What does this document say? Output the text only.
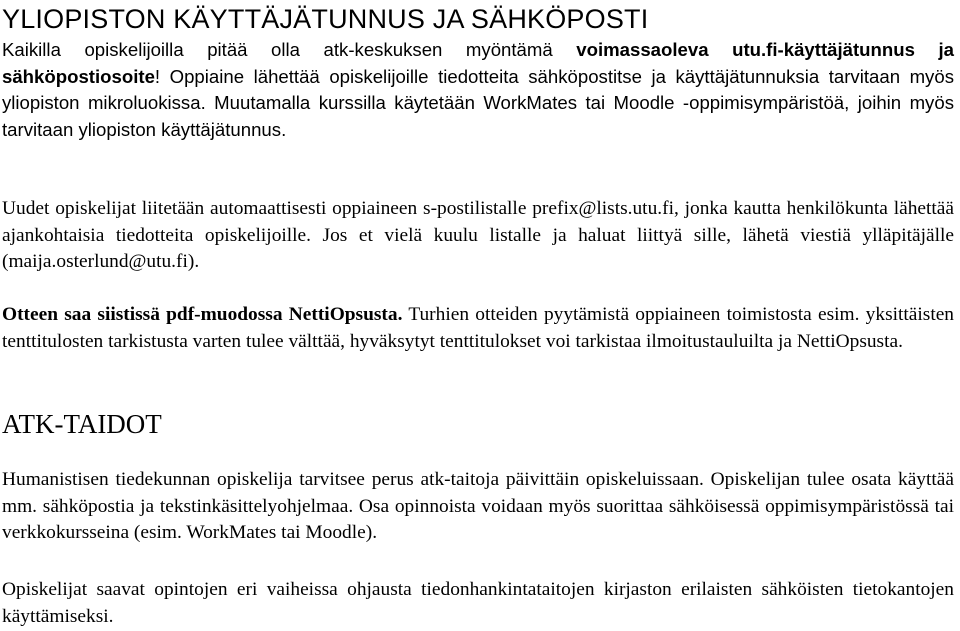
YLIOPISTON KÄYTTÄJÄTUNNUS JA SÄHKÖPOSTI

Kaikilla opiskelijoilla pitää olla atk-keskuksen myöntämä voimassaoleva utu.fi-käyttäjätunnus ja sähköpostiosoite! Oppiaine lähettää opiskelijoille tiedotteita sähköpostitse ja käyttäjätunnuksia tarvitaan myös yliopiston mikroluokissa. Muutamalla kurssilla käytetään WorkMates tai Moodle -oppimisympäristöä, joihin myös tarvitaan yliopiston käyttäjätunnus.

Uudet opiskelijat liitetään automaattisesti oppiaineen s-postilistalle prefix@lists.utu.fi, jonka kautta henkilökunta lähettää ajankohtaisia tiedotteita opiskelijoille. Jos et vielä kuulu listalle ja haluat liittyä sille, lähetä viestiä ylläpitäjälle (maija.osterlund@utu.fi).

Otteen saa siistissä pdf-muodossa NettiOpsusta. Turhien otteiden pyytämistä oppiaineen toimistosta esim. yksittäisten tenttitulosten tarkistusta varten tulee välttää, hyväksytyt tenttitulokset voi tarkistaa ilmoitustauluilta ja NettiOpsusta.

ATK-TAIDOT

Humanistisen tiedekunnan opiskelija tarvitsee perus atk-taitoja päivittäin opiskeluissaan. Opiskelijan tulee osata käyttää mm. sähköpostia ja tekstinkäsittelyohjelmaa. Osa opinnoista voidaan myös suorittaa sähköisessä oppimisympäristössä tai verkkokursseina (esim. WorkMates tai Moodle).

Opiskelijat saavat opintojen eri vaiheissa ohjausta tiedonhankintataitojen kirjaston erilaisten sähköisten tietokantojen käyttämiseksi.
